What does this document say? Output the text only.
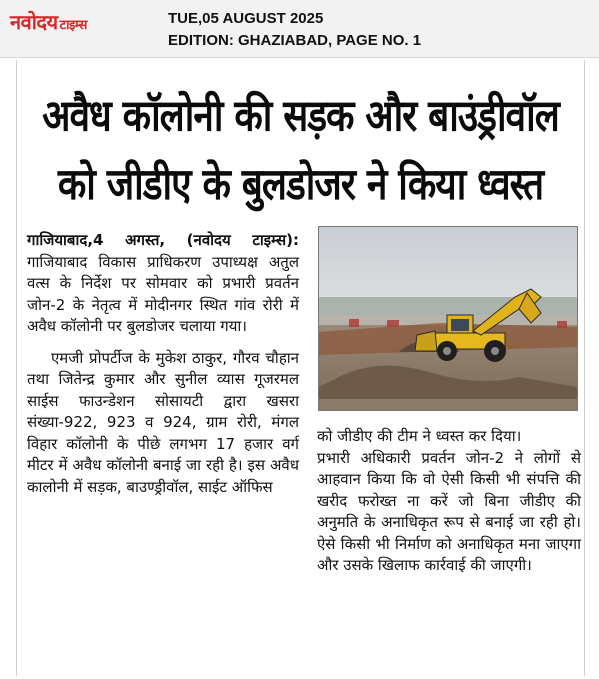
नवोदय टाइम्स	TUE,05 AUGUST 2025
EDITION: GHAZIABAD, PAGE NO. 1
अवैध कॉलोनी की सड़क और बाउंड्रीवॉल
को जीडीए के बुलडोजर ने किया ध्वस्त

गाजियाबाद,4 अगस्त, (नवोदय टाइम्स): गाजियाबाद विकास प्राधिकरण उपाध्यक्ष अतुल वत्स के निर्देश पर सोमवार को प्रभारी प्रवर्तन जोन-2 के नेतृत्व में मोदीनगर स्थित गांव रोरी में अवैध कॉलोनी पर बुलडोजर चलाया गया।

एमजी प्रोपर्टीज के मुकेश ठाकुर, गौरव चौहान तथा जितेन्द्र कुमार और सुनील व्यास गूजरमल साईस फाउन्डेशन सोसायटी द्वारा खसरा संख्या-922, 923 व 924, ग्राम रोरी, मंगल विहार कॉलोनी के पीछे लगभग 17 हजार वर्ग मीटर में अवैध कॉलोनी बनाई जा रही है। इस अवैध कालोनी में सड़क, बाउण्ड्रीवॉल, साईट ऑफिस

को जीडीए की टीम ने ध्वस्त कर दिया।

प्रभारी अधिकारी प्रवर्तन जोन-2 ने लोगों से आहवान किया कि वो ऐसी किसी भी संपत्ति की खरीद फरोख्त ना करें जो बिना जीडीए की अनुमति के अनाधिकृत रूप से बनाई जा रही हो। ऐसे किसी भी निर्माण को अनाधिकृत मना जाएगा और उसके खिलाफ कार्रवाई की जाएगी।
